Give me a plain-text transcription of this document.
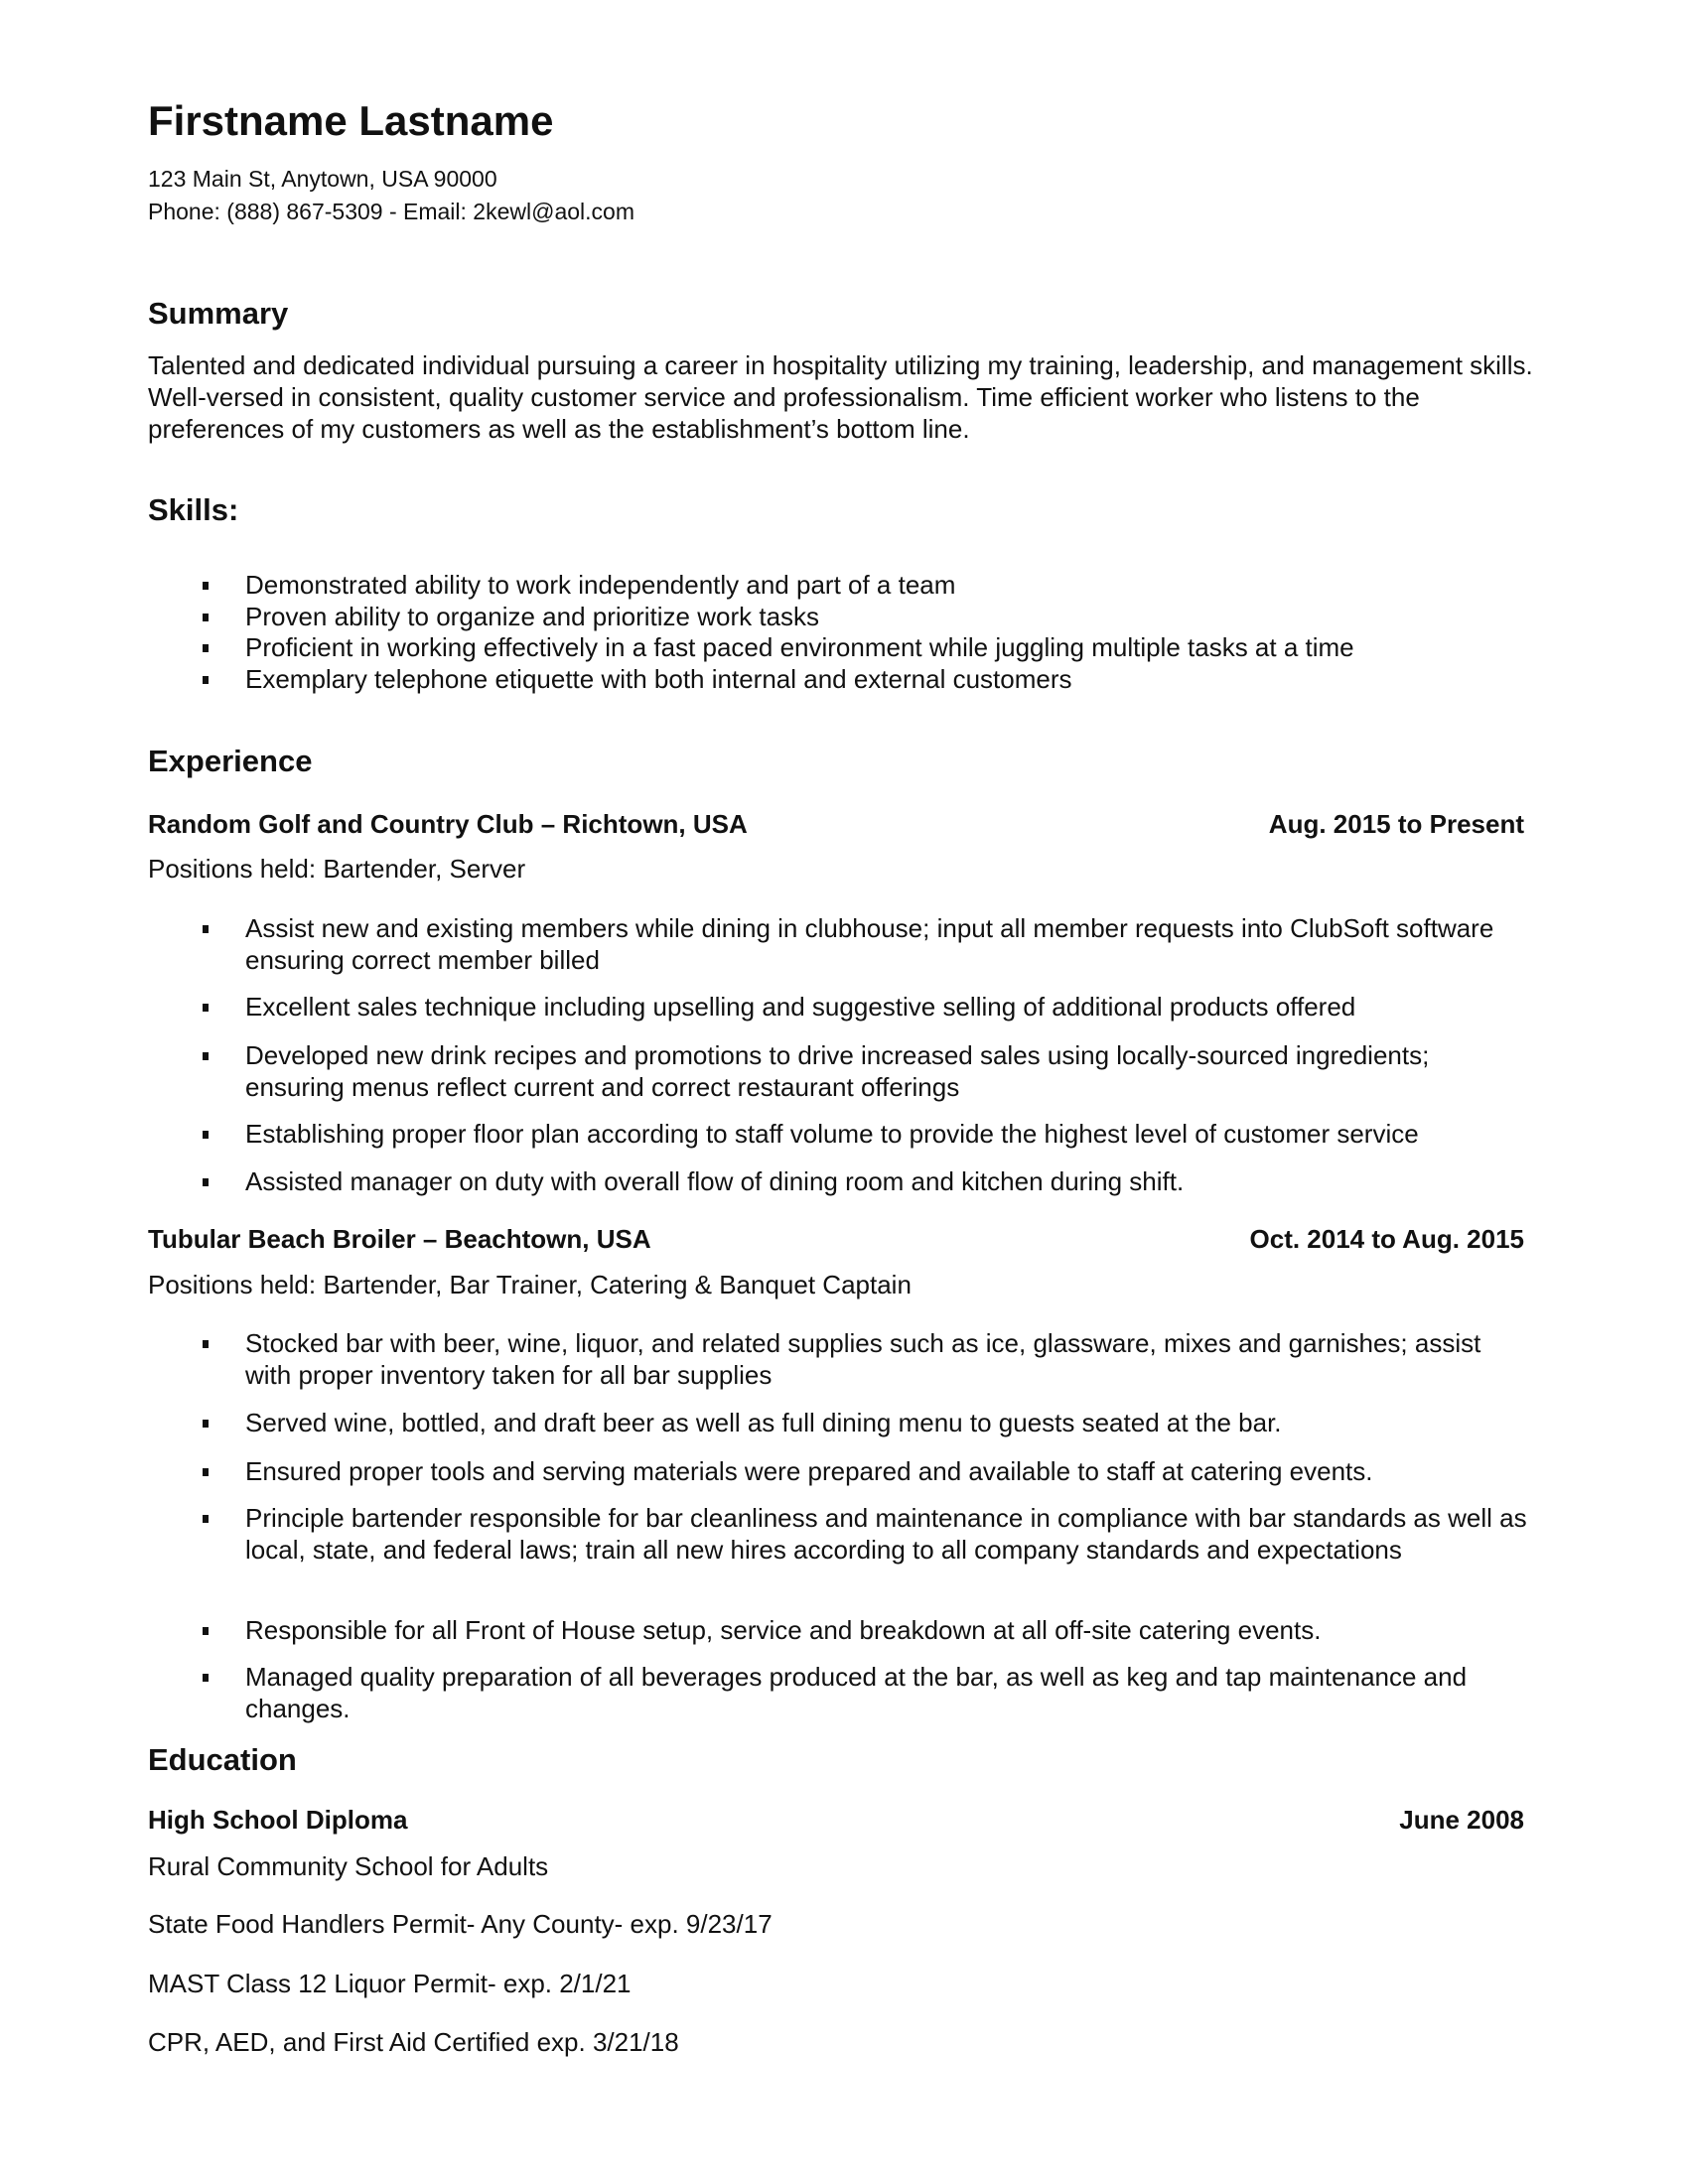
Firstname Lastname
123 Main St, Anytown, USA 90000
Phone: (888) 867-5309 - Email: 2kewl@aol.com
Summary
Talented and dedicated individual pursuing a career in hospitality utilizing my training, leadership, and management skills. Well-versed in consistent, quality customer service and professionalism. Time efficient worker who listens to the preferences of my customers as well as the establishment’s bottom line.
Skills:
Demonstrated ability to work independently and part of a team
Proven ability to organize and prioritize work tasks
Proficient in working effectively in a fast paced environment while juggling multiple tasks at a time
Exemplary telephone etiquette with both internal and external customers
Experience
Random Golf and Country Club – Richtown, USA	Aug. 2015 to Present
Positions held: Bartender, Server
Assist new and existing members while dining in clubhouse; input all member requests into ClubSoft software ensuring correct member billed
Excellent sales technique including upselling and suggestive selling of additional products offered
Developed new drink recipes and promotions to drive increased sales using locally-sourced ingredients; ensuring menus reflect current and correct restaurant offerings
Establishing proper floor plan according to staff volume to provide the highest level of customer service
Assisted manager on duty with overall flow of dining room and kitchen during shift.
Tubular Beach Broiler – Beachtown, USA	Oct. 2014 to Aug. 2015
Positions held: Bartender, Bar Trainer, Catering & Banquet Captain
Stocked bar with beer, wine, liquor, and related supplies such as ice, glassware, mixes and garnishes; assist with proper inventory taken for all bar supplies
Served wine, bottled, and draft beer as well as full dining menu to guests seated at the bar.
Ensured proper tools and serving materials were prepared and available to staff at catering events.
Principle bartender responsible for bar cleanliness and maintenance in compliance with bar standards as well as local, state, and federal laws; train all new hires according to all company standards and expectations
Responsible for all Front of House setup, service and breakdown at all off-site catering events.
Managed quality preparation of all beverages produced at the bar, as well as keg and tap maintenance and changes.
Education
High School Diploma	June 2008
Rural Community School for Adults
State Food Handlers Permit- Any County- exp. 9/23/17
MAST Class 12 Liquor Permit- exp. 2/1/21
CPR, AED, and First Aid Certified exp. 3/21/18
